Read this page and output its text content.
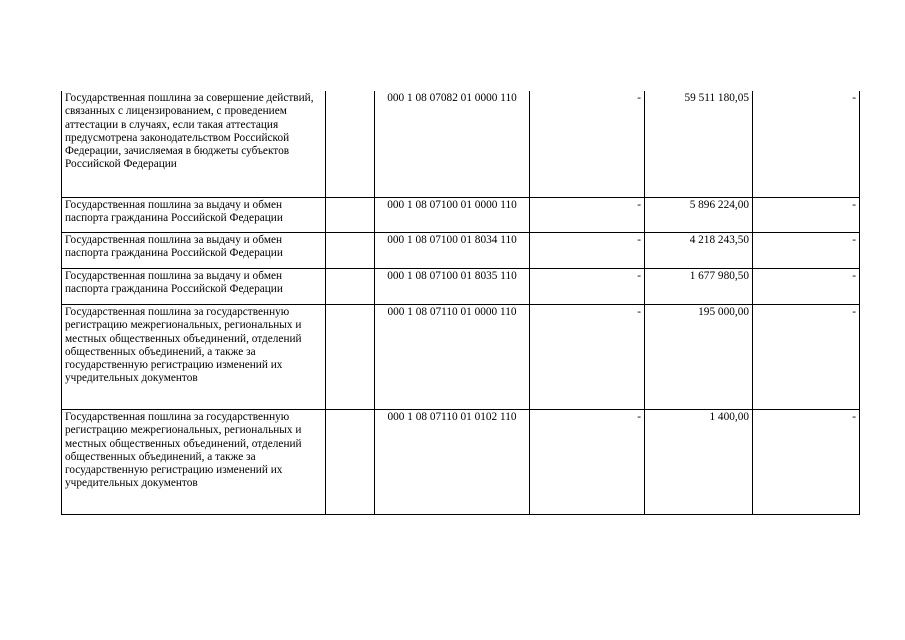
Государственная пошлина за совершение действий, связанных с лицензированием, с проведением аттестации в случаях, если такая аттестация предусмотрена законодательством Российской Федерации, зачисляемая в бюджеты субъектов Российской Федерации		000 1 08 07082 01 0000 110	-	59 511 180,05	-
Государственная пошлина за выдачу и обмен паспорта гражданина Российской Федерации		000 1 08 07100 01 0000 110	-	5 896 224,00	-
Государственная пошлина за выдачу и обмен паспорта гражданина Российской Федерации		000 1 08 07100 01 8034 110	-	4 218 243,50	-
Государственная пошлина за выдачу и обмен паспорта гражданина Российской Федерации		000 1 08 07100 01 8035 110	-	1 677 980,50	-
Государственная пошлина за государственную регистрацию межрегиональных, региональных и местных общественных объединений, отделений общественных объединений, а также за государственную регистрацию изменений их учредительных документов		000 1 08 07110 01 0000 110	-	195 000,00	-
Государственная пошлина за государственную регистрацию межрегиональных, региональных и местных общественных объединений, отделений общественных объединений, а также за государственную регистрацию изменений их учредительных документов		000 1 08 07110 01 0102 110	-	1 400,00	-
